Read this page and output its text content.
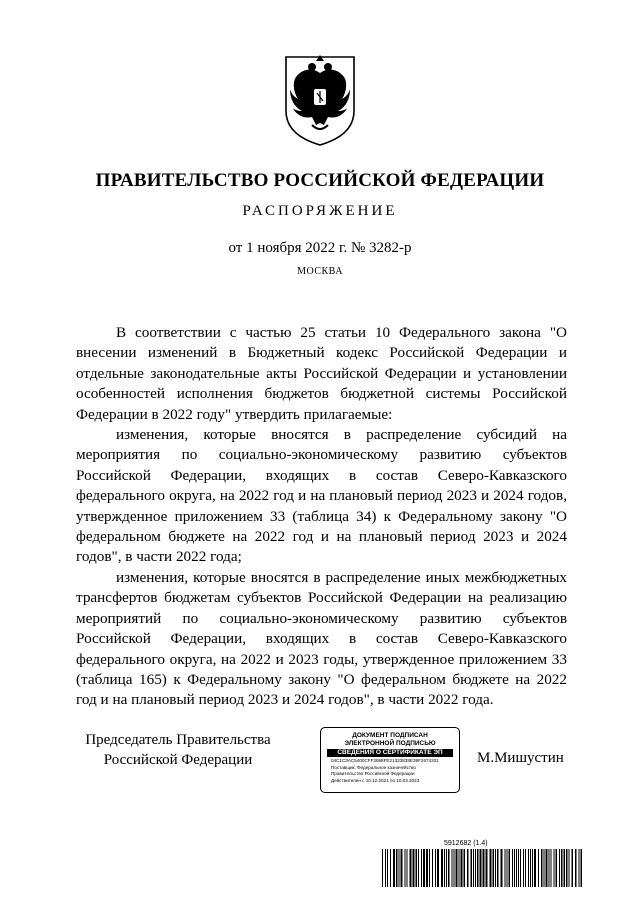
ПРАВИТЕЛЬСТВО РОССИЙСКОЙ ФЕДЕРАЦИИ
РАСПОРЯЖЕНИЕ
от 1 ноября 2022 г. № 3282-р
МОСКВА

В соответствии с частью 25 статьи 10 Федерального закона "О внесении изменений в Бюджетный кодекс Российской Федерации и отдельные законодательные акты Российской Федерации и установлении особенностей исполнения бюджетов бюджетной системы Российской Федерации в 2022 году" утвердить прилагаемые:

изменения, которые вносятся в распределение субсидий на мероприятия по социально-экономическому развитию субъектов Российской Федерации, входящих в состав Северо-Кавказского федерального округа, на 2022 год и на плановый период 2023 и 2024 годов, утвержденное приложением 33 (таблица 34) к Федеральному закону "О федеральном бюджете на 2022 год и на плановый период 2023 и 2024 годов", в части 2022 года;

изменения, которые вносятся в распределение иных межбюджетных трансфертов бюджетам субъектов Российской Федерации на реализацию мероприятий по социально-экономическому развитию субъектов Российской Федерации, входящих в состав Северо-Кавказского федерального округа, на 2022 и 2023 годы, утвержденное приложением 33 (таблица 165) к Федеральному закону "О федеральном бюджете на 2022 год и на плановый период 2023 и 2024 годов", в части 2022 года.

Председатель Правительства
Российской Федерации
ДОКУМЕНТ ПОДПИСАН
ЭЛЕКТРОННОЙ ПОДПИСЬЮ
СВЕДЕНИЯ О СЕРТИФИКАТЕ ЭП
04C1C3AC5400CFF3698FE21333838E39F2674201
Поставщик: Федеральное казначейство
Правительство Российской Федерации
Действителен с 10.12.2021 по 10.03.2023
М.Мишустин
5912682 (1.4)
